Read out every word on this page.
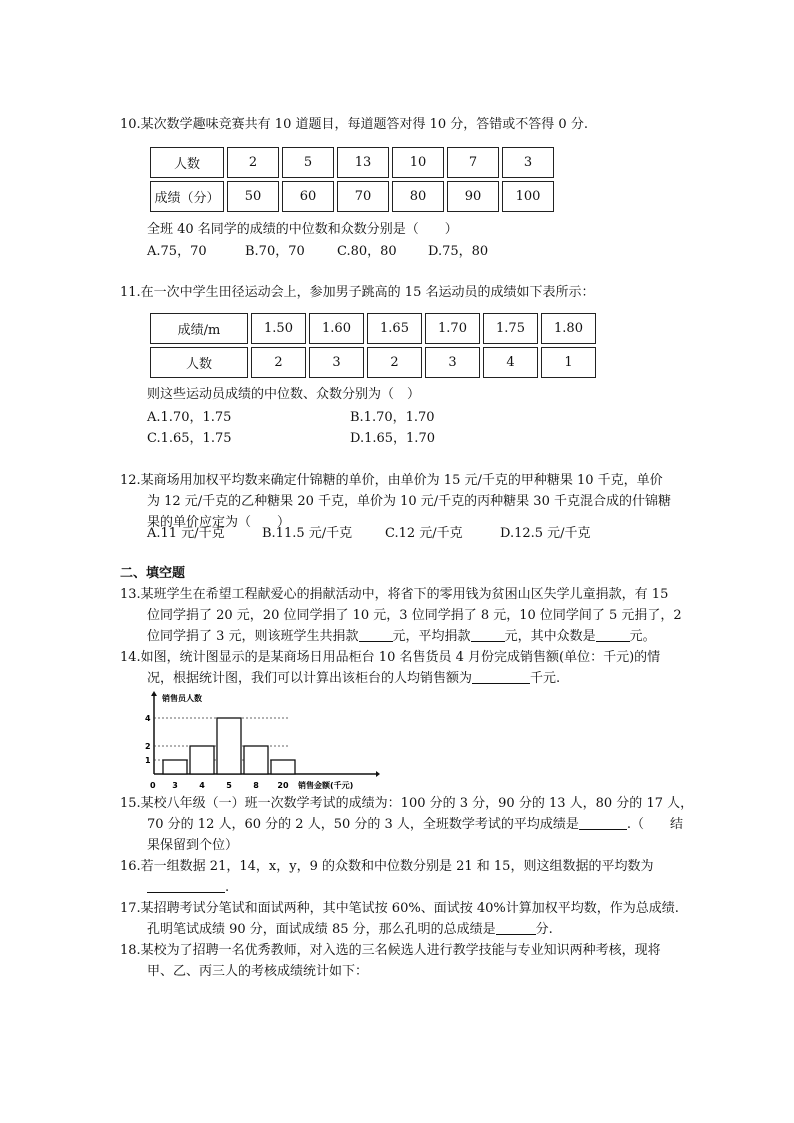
10.某次数学趣味竞赛共有 10 道题目，每道题答对得 10 分，答错或不答得 0 分.
人数	2	5	13	10	7	3
成绩（分）	50	60	70	80	90	100
全班 40 名同学的成绩的中位数和众数分别是（　　）
A.75，70	B.70，70 C.80，80 D.75，80
11.在一次中学生田径运动会上，参加男子跳高的 15 名运动员的成绩如下表所示：
成绩/m	1.50	1.60	1.65	1.70	1.75	1.80
人数	2	3	2	3	4	1
则这些运动员成绩的中位数、众数分别为（　）
A.1.70，1.75	B.1.70，1.70
C.1.65，1.75	D.1.65，1.70
12.某商场用加权平均数来确定什锦糖的单价，由单价为 15 元/千克的甲种糖果 10 千克，单价
为 12 元/千克的乙种糖果 20 千克，单价为 10 元/千克的丙种糖果 30 千克混合成的什锦糖
果的单价应定为（　　）
A.11 元/千克	B.11.5 元/千克	C.12 元/千克	D.12.5 元/千克
二、填空题
13.某班学生在希望工程献爱心的捐献活动中，将省下的零用钱为贫困山区失学儿童捐款，有 15
位同学捐了 20 元，20 位同学捐了 10 元，3 位同学捐了 8 元，10 位同学间了 5 元捐了，2
位同学捐了 3 元，则该班学生共捐款	元，平均捐款	元，其中众数是	元。
14.如图，统计图显示的是某商场日用品柜台 10 名售货员 4 月份完成销售额(单位：千元)的情
况，根据统计图，我们可以计算出该柜台的人均销售额为	千元.
销售员人数
销售金额(千元)
0
1
2
4
3	4	5	8 20
15.某校八年级（一）班一次数学考试的成绩为：100 分的 3 分，90 分的 13 人，80 分的 17 人，
70 分的 12 人，60 分的 2 人，50 分的 3 人，全班数学考试的平均成绩是	.（　　结
果保留到个位）
16.若一组数据 21，14，x，y，9 的众数和中位数分别是 21 和 15，则这组数据的平均数为
.
17.某招聘考试分笔试和面试两种，其中笔试按 60%、面试按 40%计算加权平均数，作为总成绩.
孔明笔试成绩 90 分，面试成绩 85 分，那么孔明的总成绩是	分.
18.某校为了招聘一名优秀教师，对入选的三名候选人进行教学技能与专业知识两种考核，现将
甲、乙、丙三人的考核成绩统计如下：
